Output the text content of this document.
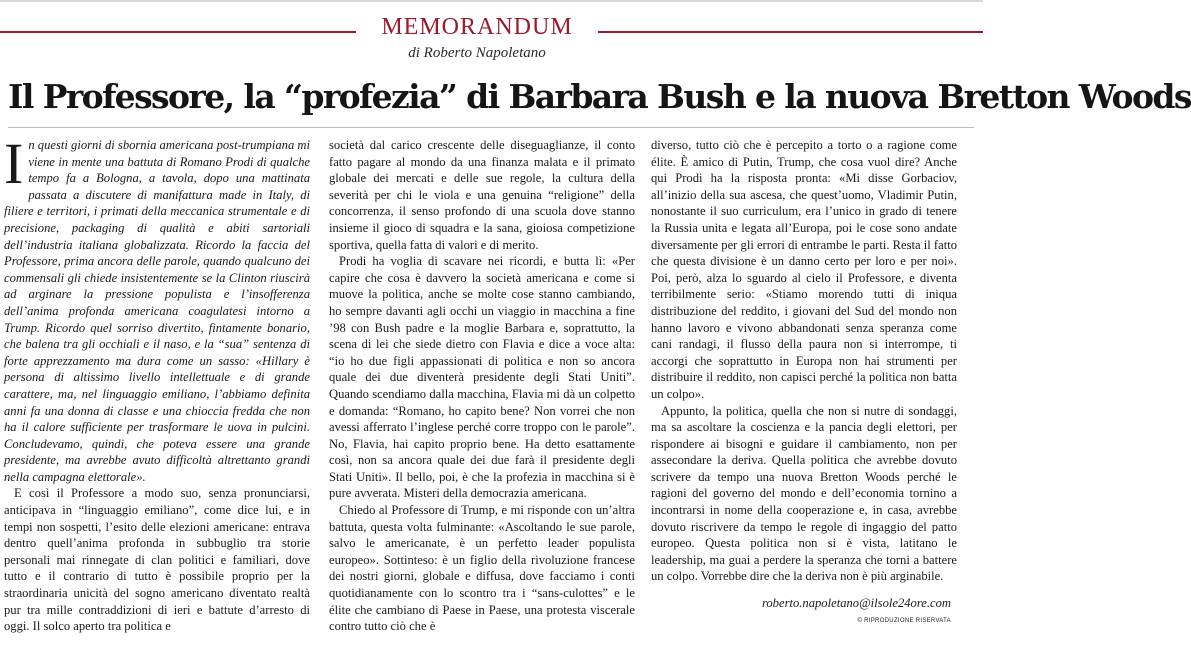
MEMORANDUM
di Roberto Napoletano
Il Professore, la “profezia” di Barbara Bush e la nuova Bretton Woods

In questi giorni di sbornia americana post-trumpiana mi viene in mente una battuta di Romano Prodi di qualche tempo fa a Bologna, a tavola, dopo una mattinata passata a discutere di manifattura made in Italy, di filiere e territori, i primati della meccanica strumentale e di precisione, packaging di qualità e abiti sartoriali dell’industria italiana globalizzata. Ricordo la faccia del Professore, prima ancora delle parole, quando qualcuno dei commensali gli chiede insistentemente se la Clinton riuscirà ad arginare la pressione populista e l’insofferenza dell’anima profonda americana coagulatesi intorno a Trump. Ricordo quel sorriso divertito, fintamente bonario, che balena tra gli occhiali e il naso, e la “sua” sentenza di forte apprezzamento ma dura come un sasso: «Hillary è persona di altissimo livello intellettuale e di grande carattere, ma, nel linguaggio emiliano, l’abbiamo definita anni fa una donna di classe e una chioccia fredda che non ha il calore sufficiente per trasformare le uova in pulcini. Concludevamo, quindi, che poteva essere una grande presidente, ma avrebbe avuto difficoltà altrettanto grandi nella campagna elettorale».

E così il Professore a modo suo, senza pronunciarsi, anticipava in “linguaggio emiliano”, come dice lui, e in tempi non sospetti, l’esito delle elezioni americane: entrava dentro quell’anima profonda in subbuglio tra storie personali mai rinnegate di clan politici e familiari, dove tutto e il contrario di tutto è possibile proprio per la straordinaria unicità del sogno americano diventato realtà pur tra mille contraddizioni di ieri e battute d’arresto di oggi. Il solco aperto tra politica e

società dal carico crescente delle diseguaglianze, il conto fatto pagare al mondo da una finanza malata e il primato globale dei mercati e delle sue regole, la cultura della severità per chi le viola e una genuina “religione” della concorrenza, il senso profondo di una scuola dove stanno insieme il gioco di squadra e la sana, gioiosa competizione sportiva, quella fatta di valori e di merito.

Prodi ha voglia di scavare nei ricordi, e butta lì: «Per capire che cosa è davvero la società americana e come si muove la politica, anche se molte cose stanno cambiando, ho sempre davanti agli occhi un viaggio in macchina a fine ’98 con Bush padre e la moglie Barbara e, soprattutto, la scena di lei che siede dietro con Flavia e dice a voce alta: “io ho due figli appassionati di politica e non so ancora quale dei due diventerà presidente degli Stati Uniti”. Quando scendiamo dalla macchina, Flavia mi dà un colpetto e domanda: “Romano, ho capito bene? Non vorrei che non avessi afferrato l’inglese perché corre troppo con le parole”. No, Flavia, hai capito proprio bene. Ha detto esattamente così, non sa ancora quale dei due farà il presidente degli Stati Uniti». Il bello, poi, è che la profezia in macchina si è pure avverata. Misteri della democrazia americana.

Chiedo al Professore di Trump, e mi risponde con un’altra battuta, questa volta fulminante: «Ascoltando le sue parole, salvo le americanate, è un perfetto leader populista europeo». Sottinteso: è un figlio della rivoluzione francese dei nostri giorni, globale e diffusa, dove facciamo i conti quotidianamente con lo scontro tra i “sans-culottes” e le élite che cambiano di Paese in Paese, una protesta viscerale contro tutto ciò che è

diverso, tutto ciò che è percepito a torto o a ragione come élite. È amico di Putin, Trump, che cosa vuol dire? Anche qui Prodi ha la risposta pronta: «Mi disse Gorbaciov, all’inizio della sua ascesa, che quest’uomo, Vladimir Putin, nonostante il suo curriculum, era l’unico in grado di tenere la Russia unita e legata all’Europa, poi le cose sono andate diversamente per gli errori di entrambe le parti. Resta il fatto che questa divisione è un danno certo per loro e per noi». Poi, però, alza lo sguardo al cielo il Professore, e diventa terribilmente serio: «Stiamo morendo tutti di iniqua distribuzione del reddito, i giovani del Sud del mondo non hanno lavoro e vivono abbandonati senza speranza come cani randagi, il flusso della paura non si interrompe, ti accorgi che soprattutto in Europa non hai strumenti per distribuire il reddito, non capisci perché la politica non batta un colpo».

Appunto, la politica, quella che non si nutre di sondaggi, ma sa ascoltare la coscienza e la pancia degli elettori, per rispondere ai bisogni e guidare il cambiamento, non per assecondare la deriva. Quella politica che avrebbe dovuto scrivere da tempo una nuova Bretton Woods perché le ragioni del governo del mondo e dell’economia tornino a incontrarsi in nome della cooperazione e, in casa, avrebbe dovuto riscrivere da tempo le regole di ingaggio del patto europeo. Questa politica non si è vista, latitano le leadership, ma guai a perdere la speranza che torni a battere un colpo. Vorrebbe dire che la deriva non è più arginabile.

roberto.napoletano@ilsole24ore.com
© RIPRODUZIONE RISERVATA
